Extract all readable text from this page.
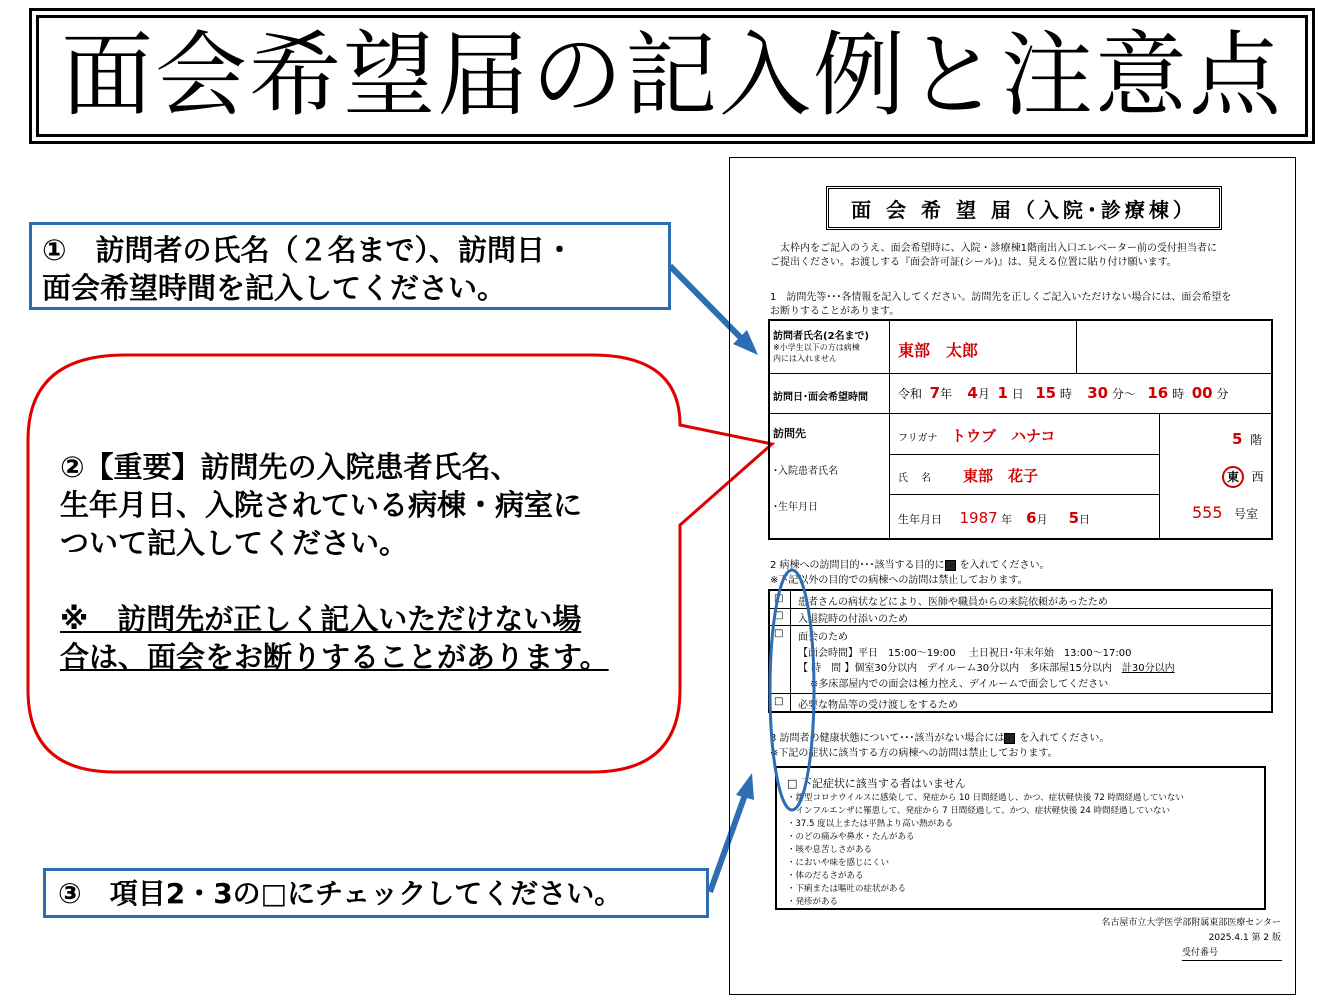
面会希望届の記入例と注意点
①　訪問者の氏名（２名まで）、訪問日・
面会希望時間を記入してください。
②【重要】訪問先の入院患者氏名、
生年月日、入院されている病棟・病室に
ついて記入してください。
※　訪問先が正しく記入いただけない場
合は、面会をお断りすることがあります。
③　項目2・3の□にチェックしてください。
面 会 希 望 届（入院･診療棟）
　太枠内をご記入のうえ、面会希望時に、入院・診療棟1階南出入口エレベーター前の受付担当者に
ご提出ください。お渡しする『面会許可証(シール)』は、見える位置に貼り付け願います。
1　訪問先等･･･各情報を記入してください。訪問先を正しくご記入いただけない場合には、面会希望を
お断りすることがあります。
訪問者氏名(2名まで)
※小学生以下の方は病棟
内には入れません	東部　太郎
訪問日･面会希望時間	令和 7年 4月 1 日 15 時 30 分～ 16 時 00 分
訪問先
･入院患者氏名
･生年月日
フリガナ トウブ　ハナコ
氏　 名 東部　花子
生年月日 1987 年 6月 5日
5 階
東 西
555 号室
2 病棟への訪問目的･･･該当する目的に を入れてください。
※下記以外の目的での病棟への訪問は禁止しております。
□ 患者さんの病状などにより、医師や職員からの来院依頼があったため
□ 入退院時の付添いのため
□ 面会のため
【面会時間】平日　15:00～19:00　 土日祝日･年末年始　13:00～17:00
【 時　間 】個室30分以内　デイルーム30分以内　多床部屋15分以内　計30分以内
※多床部屋内での面会は極力控え、デイルームで面会してください
□ 必要な物品等の受け渡しをするため
3 訪問者の健康状態について･･･該当がない場合には を入れてください。
※下記の症状に該当する方の病棟への訪問は禁止しております。
□ 下記症状に該当する者はいません
・新型コロナウイルスに感染して、発症から 10 日間経過し、かつ、症状軽快後 72 時間経過していない
・インフルエンザに罹患して、発症から 7 日間経過して、かつ、症状軽快後 24 時間経過していない
・37.5 度以上または平熱より高い熱がある
・のどの痛みや鼻水・たんがある
・咳や息苦しさがある
・においや味を感じにくい
・体のだるさがある
・下痢または嘔吐の症状がある
・発疹がある
名古屋市立大学医学部附属東部医療センター
2025.4.1 第 2 版
受付番号
